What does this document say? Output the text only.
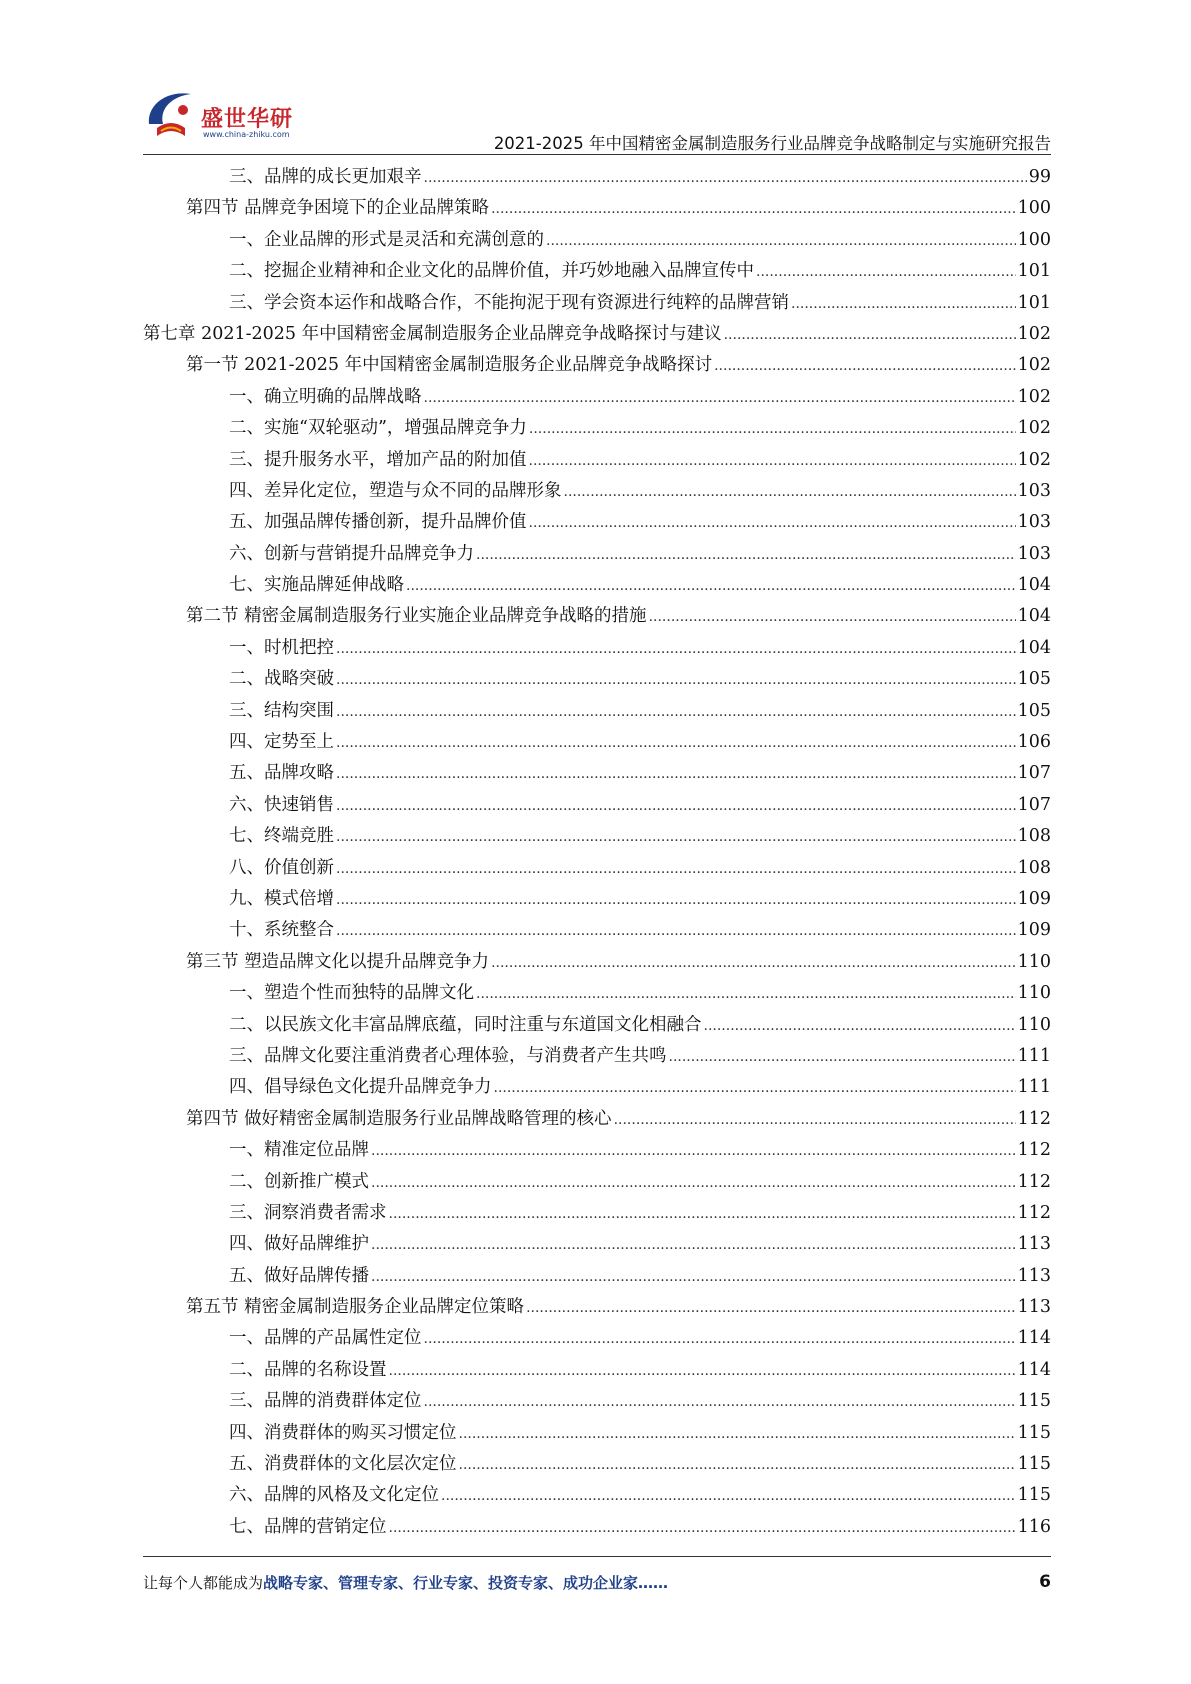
盛世华研
www.china-zhiku.com	2021-2025 年中国精密金属制造服务行业品牌竞争战略制定与实施研究报告
三、品牌的成长更加艰辛 .....	99
第四节 品牌竞争困境下的企业品牌策略 .....	100
一、企业品牌的形式是灵活和充满创意的 .....	100
二、挖掘企业精神和企业文化的品牌价值，并巧妙地融入品牌宣传中 .....	101
三、学会资本运作和战略合作，不能拘泥于现有资源进行纯粹的品牌营销 .....	101
第七章 2021-2025 年中国精密金属制造服务企业品牌竞争战略探讨与建议 .....	102
第一节 2021-2025 年中国精密金属制造服务企业品牌竞争战略探讨 .....	102
一、确立明确的品牌战略 .....	102
二、实施“双轮驱动”，增强品牌竞争力 .....	102
三、提升服务水平，增加产品的附加值 .....	102
四、差异化定位，塑造与众不同的品牌形象 .....	103
五、加强品牌传播创新，提升品牌价值 .....	103
六、创新与营销提升品牌竞争力 .....	103
七、实施品牌延伸战略 .....	104
第二节 精密金属制造服务行业实施企业品牌竞争战略的措施 .....	104
一、时机把控 .....	104
二、战略突破 .....	105
三、结构突围 .....	105
四、定势至上 .....	106
五、品牌攻略 .....	107
六、快速销售 .....	107
七、终端竞胜 .....	108
八、价值创新 .....	108
九、模式倍增 .....	109
十、系统整合 .....	109
第三节 塑造品牌文化以提升品牌竞争力 .....	110
一、塑造个性而独特的品牌文化 .....	110
二、以民族文化丰富品牌底蕴，同时注重与东道国文化相融合 .....	110
三、品牌文化要注重消费者心理体验，与消费者产生共鸣 .....	111
四、倡导绿色文化提升品牌竞争力 .....	111
第四节 做好精密金属制造服务行业品牌战略管理的核心 .....	112
一、精准定位品牌 .....	112
二、创新推广模式 .....	112
三、洞察消费者需求 .....	112
四、做好品牌维护 .....	113
五、做好品牌传播 .....	113
第五节 精密金属制造服务企业品牌定位策略 .....	113
一、品牌的产品属性定位 .....	114
二、品牌的名称设置 .....	114
三、品牌的消费群体定位 .....	115
四、消费群体的购买习惯定位 .....	115
五、消费群体的文化层次定位 .....	115
六、品牌的风格及文化定位 .....	115
七、品牌的营销定位 .....	116
让每个人都能成为战略专家、管理专家、行业专家、投资专家、成功企业家……	6
